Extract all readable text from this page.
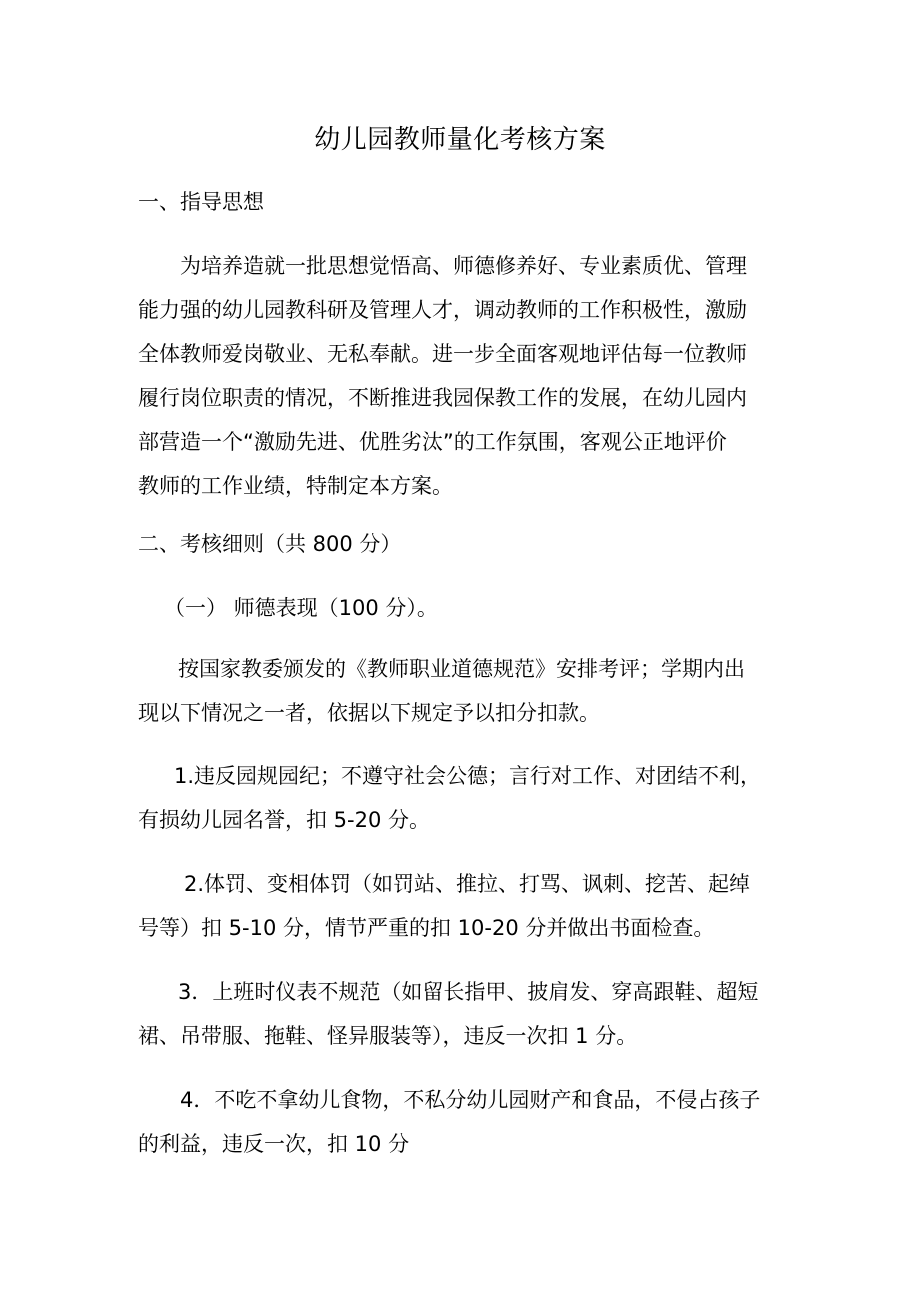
幼儿园教师量化考核方案
一、指导思想
为培养造就一批思想觉悟高、师德修养好、专业素质优、管理
能力强的幼儿园教科研及管理人才，调动教师的工作积极性，激励
全体教师爱岗敬业、无私奉献。进一步全面客观地评估每一位教师
履行岗位职责的情况，不断推进我园保教工作的发展，在幼儿园内
部营造一个“激励先进、优胜劣汰”的工作氛围，客观公正地评价
教师的工作业绩，特制定本方案。
二、考核细则（共 800 分）
（一） 师德表现（100 分）。
按国家教委颁发的《教师职业道德规范》安排考评；学期内出
现以下情况之一者，依据以下规定予以扣分扣款。
1.违反园规园纪；不遵守社会公德；言行对工作、对团结不利，
有损幼儿园名誉，扣 5-20 分。
2.体罚、变相体罚（如罚站、推拉、打骂、讽刺、挖苦、起绰
号等）扣 5-10 分，情节严重的扣 10-20 分并做出书面检查。
3．上班时仪表不规范（如留长指甲、披肩发、穿高跟鞋、超短
裙、吊带服、拖鞋、怪异服装等），违反一次扣 1 分。
4．不吃不拿幼儿食物，不私分幼儿园财产和食品，不侵占孩子
的利益，违反一次，扣 10 分
